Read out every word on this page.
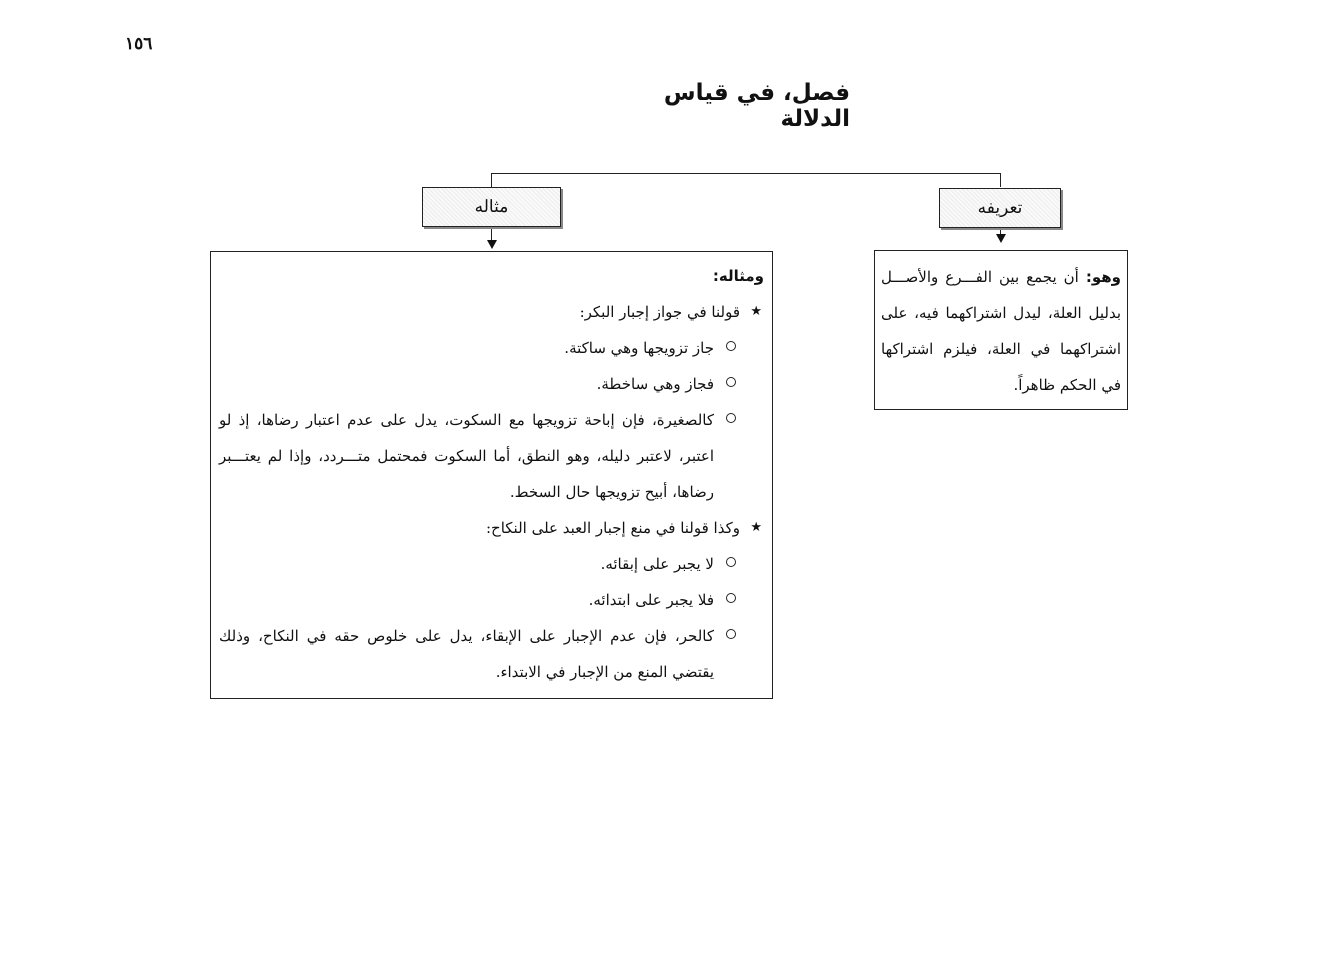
١٥٦
فصل، في قياس الدلالة
مثاله	تعريفه
وهو: أن يجمع بين الفـــرع والأصـــل بدليل العلة، ليدل اشتراكهما فيه، على اشتراكهما في العلة، فيلزم اشتراكها في الحكم ظاهراً.
ومثاله:
★
قولنا في جواز إجبار البكر:
جاز تزويجها وهي ساكتة.
فجاز وهي ساخطة.
كالصغيرة، فإن إباحة تزويجها مع السكوت، يدل على عدم اعتبار رضاها، إذ لو اعتبر، لاعتبر دليله، وهو النطق، أما السكوت فمحتمل متـــردد، وإذا لم يعتـــبر رضاها، أبيح تزويجها حال السخط.
★
وكذا قولنا في منع إجبار العبد على النكاح:
لا يجبر على إبقائه.
فلا يجبر على ابتدائه.
كالحر، فإن عدم الإجبار على الإبقاء، يدل على خلوص حقه في النكاح، وذلك يقتضي المنع من الإجبار في الابتداء.
